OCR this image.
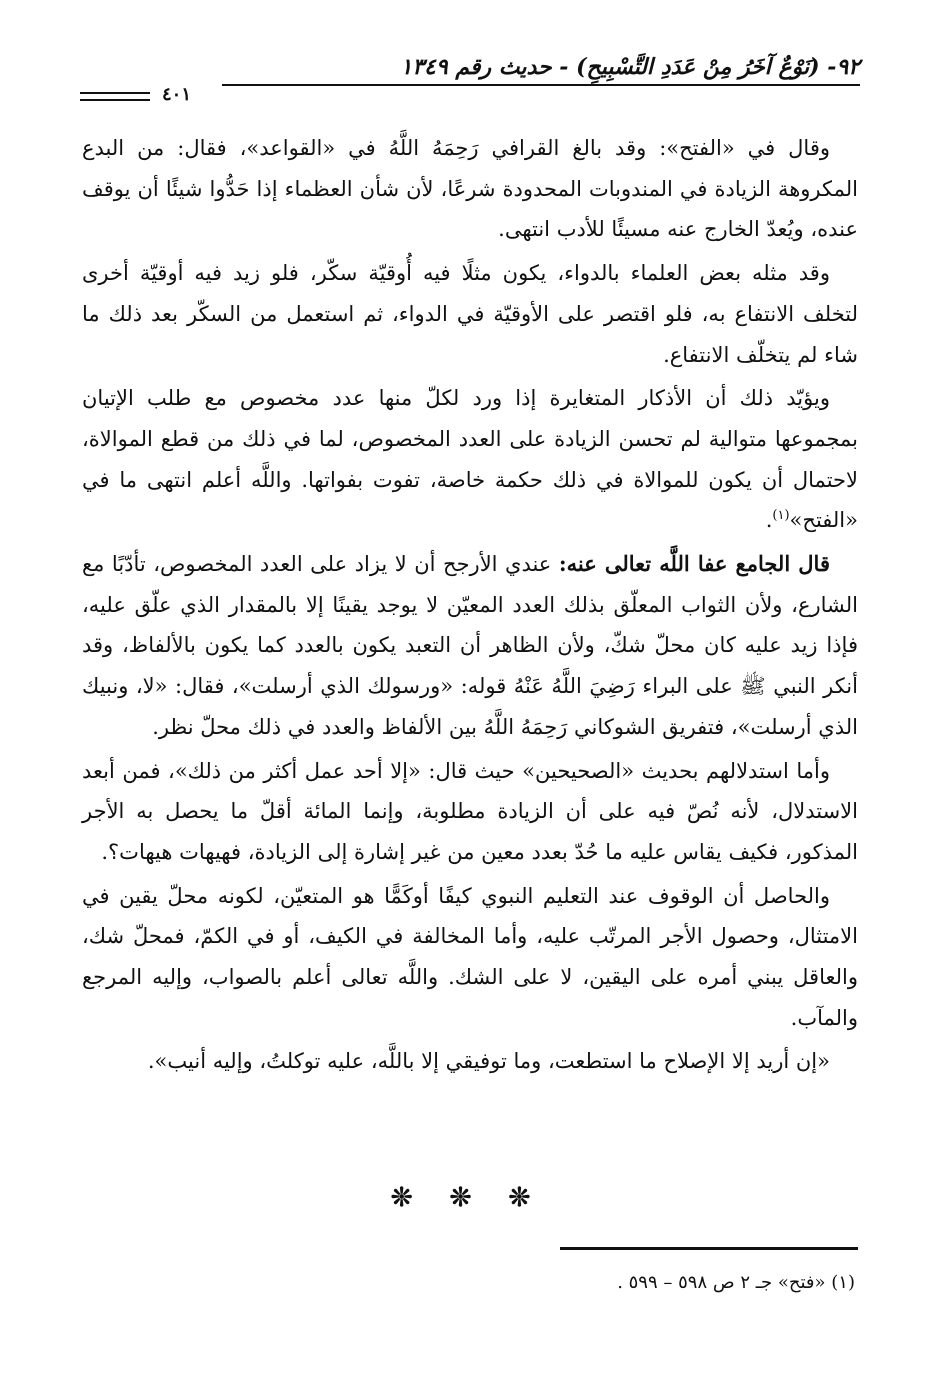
٩٢- (نَوْعٌ آخَرُ مِنْ عَدَدِ التَّسْبِيحِ) - حديث رقم ١٣٤٩
٤٠١

وقال في «الفتح»: وقد بالغ القرافي رَحِمَهُ اللَّهُ في «القواعد»، فقال: من البدع المكروهة الزيادة في المندوبات المحدودة شرعًا، لأن شأن العظماء إذا حَدُّوا شيئًا أن يوقف عنده، ويُعدّ الخارج عنه مسيئًا للأدب انتهى.

وقد مثله بعض العلماء بالدواء، يكون مثلًا فيه أُوقيّة سكّر، فلو زيد فيه أوقيّة أخرى لتخلف الانتفاع به، فلو اقتصر على الأوقيّة في الدواء، ثم استعمل من السكّر بعد ذلك ما شاء لم يتخلّف الانتفاع.

ويؤيّد ذلك أن الأذكار المتغايرة إذا ورد لكلّ منها عدد مخصوص مع طلب الإتيان بمجموعها متوالية لم تحسن الزيادة على العدد المخصوص، لما في ذلك من قطع الموالاة، لاحتمال أن يكون للموالاة في ذلك حكمة خاصة، تفوت بفواتها. واللَّه أعلم انتهى ما في «الفتح»$^{(١)}$.

قال الجامع عفا اللَّه تعالى عنه: عندي الأرجح أن لا يزاد على العدد المخصوص، تأدّبًا مع الشارع، ولأن الثواب المعلّق بذلك العدد المعيّن لا يوجد يقينًا إلا بالمقدار الذي علّق عليه، فإذا زيد عليه كان محلّ شكّ، ولأن الظاهر أن التعبد يكون بالعدد كما يكون بالألفاظ، وقد أنكر النبي ﷺ على البراء رَضِيَ اللَّهُ عَنْهُ قوله: «ورسولك الذي أرسلت»، فقال: «لا، ونبيك الذي أرسلت»، فتفريق الشوكاني رَحِمَهُ اللَّهُ بين الألفاظ والعدد في ذلك محلّ نظر.

وأما استدلالهم بحديث «الصحيحين» حيث قال: «إلا أحد عمل أكثر من ذلك»، فمن أبعد الاستدلال، لأنه نُصّ فيه على أن الزيادة مطلوبة، وإنما المائة أقلّ ما يحصل به الأجر المذكور، فكيف يقاس عليه ما حُدّ بعدد معين من غير إشارة إلى الزيادة، فهيهات هيهات؟.

والحاصل أن الوقوف عند التعليم النبوي كيفًا أوكَمًّا هو المتعيّن، لكونه محلّ يقين في الامتثال، وحصول الأجر المرتّب عليه، وأما المخالفة في الكيف، أو في الكمّ، فمحلّ شك، والعاقل يبني أمره على اليقين، لا على الشك. واللَّه تعالى أعلم بالصواب، وإليه المرجع والمآب.

«إن أريد إلا الإصلاح ما استطعت، وما توفيقي إلا باللَّه، عليه توكلتُ، وإليه أنيب».

❊ ❊ ❊
(١) «فتح» جـ ٢ ص ٥٩٨ – ٥٩٩ .
